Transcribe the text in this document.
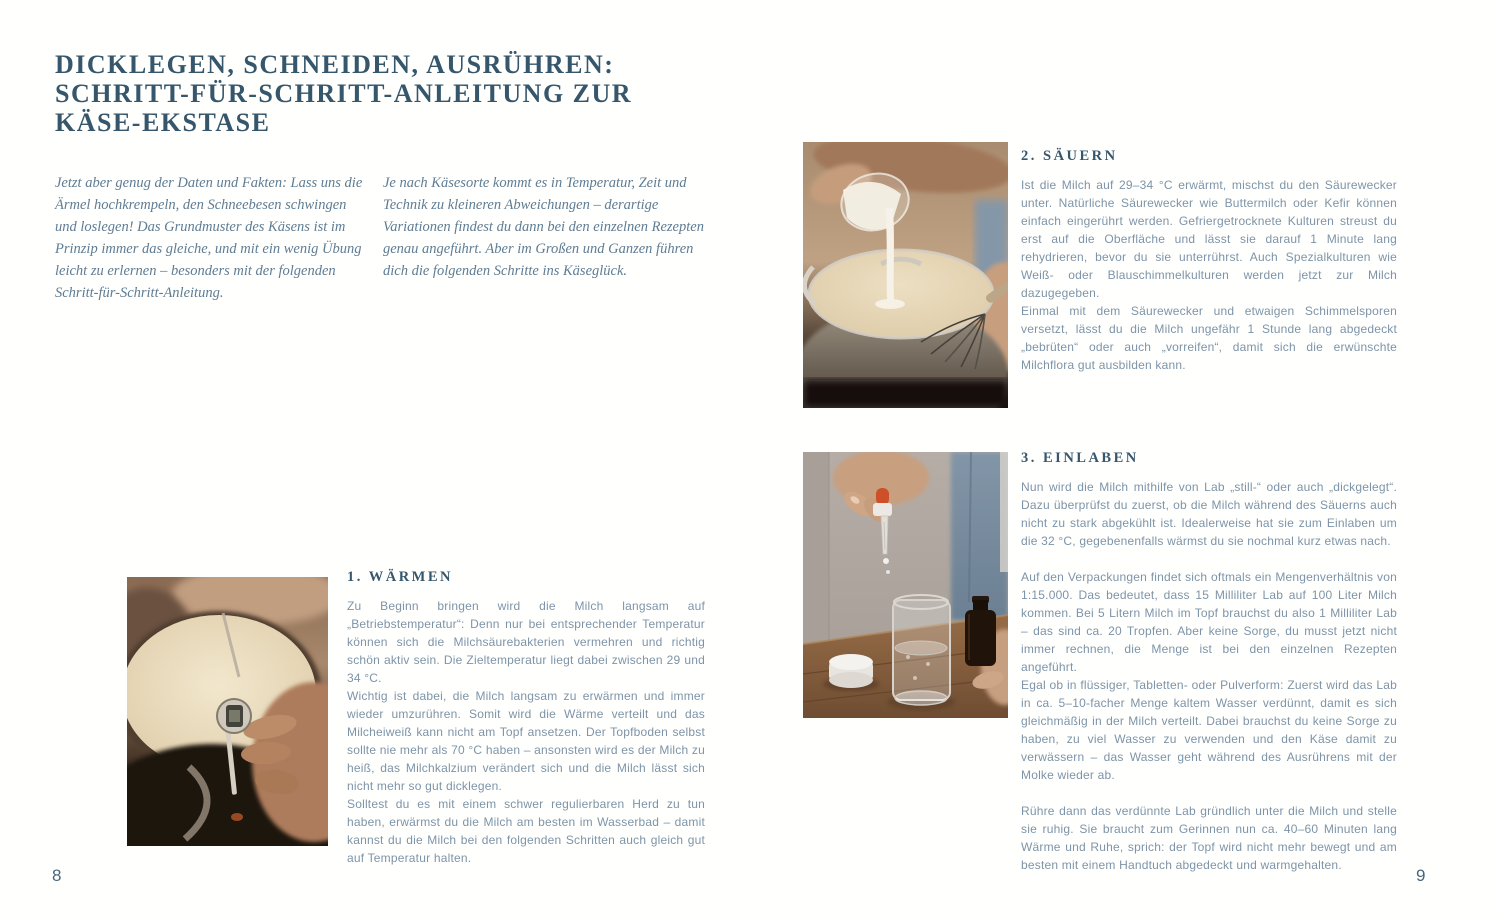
DICKLEGEN, SCHNEIDEN, AUSRÜHREN:
SCHRITT-FÜR-SCHRITT-ANLEITUNG ZUR
KÄSE-EKSTASE
Jetzt aber genug der Daten und Fakten: Lass uns die Ärmel hochkrempeln, den Schneebesen schwingen und loslegen! Das Grundmuster des Käsens ist im Prinzip immer das gleiche, und mit ein wenig Übung leicht zu erlernen – besonders mit der folgenden Schritt-für-Schritt-Anleitung.
Je nach Käsesorte kommt es in Temperatur, Zeit und Technik zu kleineren Abweichungen – derartige Variationen findest du dann bei den einzelnen Rezepten genau angeführt. Aber im Großen und Ganzen führen dich die folgenden Schritte ins Käseglück.
1. WÄRMEN

Zu Beginn bringen wird die Milch langsam auf „Betriebstemperatur“: Denn nur bei entsprechender Temperatur können sich die Milchsäurebakterien vermehren und richtig schön aktiv sein. Die Zieltemperatur liegt dabei zwischen 29 und 34 °C.

Wichtig ist dabei, die Milch langsam zu erwärmen und immer wieder umzurühren. Somit wird die Wärme verteilt und das Milcheiweiß kann nicht am Topf ansetzen. Der Topfboden selbst sollte nie mehr als 70 °C haben – ansonsten wird es der Milch zu heiß, das Milchkalzium verändert sich und die Milch lässt sich nicht mehr so gut dicklegen.

Solltest du es mit einem schwer regulierbaren Herd zu tun haben, erwärmst du die Milch am besten im Wasserbad – damit kannst du die Milch bei den folgenden Schritten auch gleich gut auf Temperatur halten.

2. SÄUERN

Ist die Milch auf 29–34 °C erwärmt, mischst du den Säurewecker unter. Natürliche Säurewecker wie Buttermilch oder Kefir können einfach eingerührt werden. Gefriergetrocknete Kulturen streust du erst auf die Oberfläche und lässt sie darauf 1 Minute lang rehydrieren, bevor du sie unterrührst. Auch Spezialkulturen wie Weiß- oder Blauschimmelkulturen werden jetzt zur Milch dazugegeben.

Einmal mit dem Säurewecker und etwaigen Schimmelsporen versetzt, lässt du die Milch ungefähr 1 Stunde lang abgedeckt „bebrüten“ oder auch „vorreifen“, damit sich die erwünschte Milchflora gut ausbilden kann.

3. EINLABEN

Nun wird die Milch mithilfe von Lab „still-“ oder auch „dickgelegt“. Dazu überprüfst du zuerst, ob die Milch während des Säuerns auch nicht zu stark abgekühlt ist. Idealerweise hat sie zum Einlaben um die 32 °C, gegebenenfalls wärmst du sie nochmal kurz etwas nach.

Auf den Verpackungen findet sich oftmals ein Mengenverhältnis von 1:15.000. Das bedeutet, dass 15 Milliliter Lab auf 100 Liter Milch kommen. Bei 5 Litern Milch im Topf brauchst du also 1 Milliliter Lab – das sind ca. 20 Tropfen. Aber keine Sorge, du musst jetzt nicht immer rechnen, die Menge ist bei den einzelnen Rezepten angeführt.

Egal ob in flüssiger, Tabletten- oder Pulverform: Zuerst wird das Lab in ca. 5–10-facher Menge kaltem Wasser verdünnt, damit es sich gleichmäßig in der Milch verteilt. Dabei brauchst du keine Sorge zu haben, zu viel Wasser zu verwenden und den Käse damit zu verwässern – das Wasser geht während des Ausrührens mit der Molke wieder ab.

Rühre dann das verdünnte Lab gründlich unter die Milch und stelle sie ruhig. Sie braucht zum Gerinnen nun ca. 40–60 Minuten lang Wärme und Ruhe, sprich: der Topf wird nicht mehr bewegt und am besten mit einem Handtuch abgedeckt und warmgehalten.

8	9
